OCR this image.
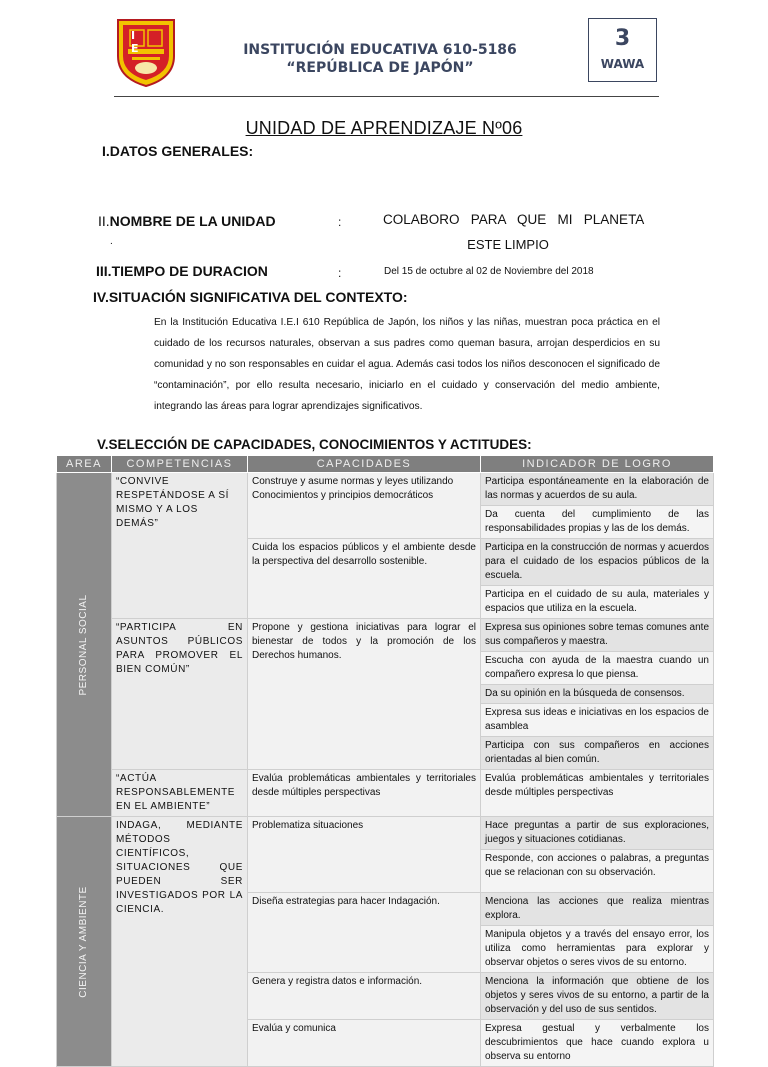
I E	INSTITUCIÓN EDUCATIVA 610-5186
“REPÚBLICA DE JAPÓN”
3
WAWA
UNIDAD DE APRENDIZAJE Nº06
I.DATOS GENERALES:
II.NOMBRE DE LA UNIDAD
.
:	COLABORO   PARA   QUE   MI   PLANETA
ESTE LIMPIO
III.TIEMPO DE DURACION	:	Del 15 de octubre al 02 de Noviembre del 2018
IV.SITUACIÓN SIGNIFICATIVA DEL CONTEXTO:
En la Institución Educativa I.E.I 610 República de Japón, los niños y las niñas, muestran poca práctica en el cuidado de los recursos naturales, observan a sus padres como queman basura, arrojan desperdicios en su comunidad y no son responsables en cuidar el agua. Además casi todos los niños desconocen el significado de “contaminación”, por ello resulta necesario, iniciarlo en el cuidado y conservación del medio ambiente, integrando las áreas para lograr aprendizajes significativos.
V.SELECCIÓN DE CAPACIDADES, CONOCIMIENTOS Y ACTITUDES:
AREA	COMPETENCIAS	CAPACIDADES	INDICADOR DE LOGRO

PERSONAL SOCIAL	“CONVIVE RESPETÁNDOSE A SÍ MISMO Y A LOS DEMÁS”	Construye y asume normas y leyes utilizando Conocimientos y principios democráticos	Participa espontáneamente en la elaboración de las normas y acuerdos de su aula.
			Da cuenta del cumplimiento de las responsabilidades propias y las de los demás.
		Cuida los espacios públicos y el ambiente desde la perspectiva del desarrollo sostenible.	Participa en la construcción de normas y acuerdos para el cuidado de los espacios públicos de la escuela.
			Participa en el cuidado de su aula, materiales y espacios que utiliza en la escuela.
	“PARTICIPA EN ASUNTOS PÚBLICOS PARA PROMOVER EL BIEN COMÚN”	Propone y gestiona iniciativas para lograr el bienestar de todos y la promoción de los Derechos humanos.	Expresa sus opiniones sobre temas comunes ante sus compañeros y maestra.
			Escucha con ayuda de la maestra cuando un compañero expresa lo que piensa.
			Da su opinión en la búsqueda de consensos.
			Expresa sus ideas e iniciativas en los espacios de asamblea
			Participa con sus compañeros en acciones orientadas al bien común.
	“ACTÚA RESPONSABLEMENTE EN EL AMBIENTE”	Evalúa problemáticas ambientales y territoriales desde múltiples perspectivas	Evalúa problemáticas ambientales y territoriales desde múltiples perspectivas

CIENCIA Y AMBIENTE	INDAGA, MEDIANTE MÉTODOS CIENTÍFICOS, SITUACIONES QUE PUEDEN SER INVESTIGADOS POR LA CIENCIA.	Problematiza situaciones	Hace preguntas a partir de sus exploraciones, juegos y situaciones cotidianas.
			Responde, con acciones o palabras, a preguntas que se relacionan con su observación.
		Diseña estrategias para hacer Indagación.	Menciona las acciones que realiza mientras explora.
			Manipula objetos y a través del ensayo error, los utiliza como herramientas para explorar y observar objetos o seres vivos de su entorno.
		Genera y registra datos e información.	Menciona la información que obtiene de los objetos y seres vivos de su entorno, a partir de la observación y del uso de sus sentidos.
		Evalúa y comunica	Expresa gestual y verbalmente los descubrimientos que hace cuando explora u observa su entorno
